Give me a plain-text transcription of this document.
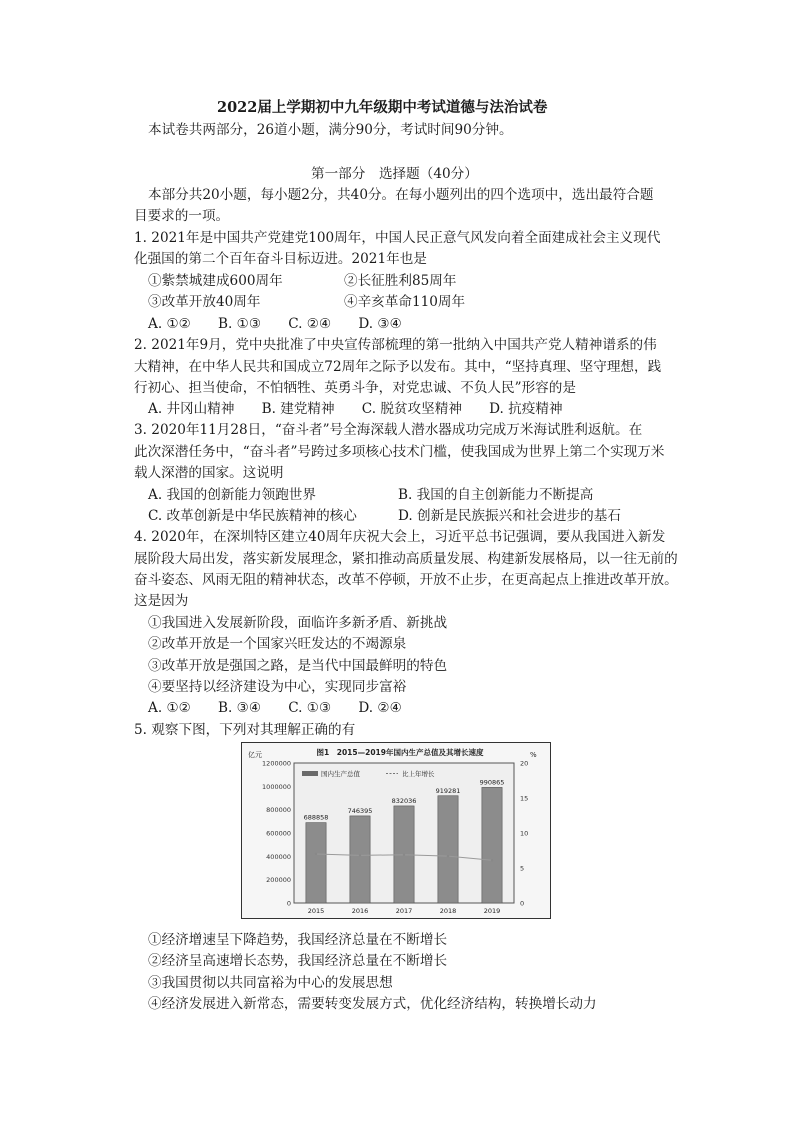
2022届上学期初中九年级期中考试道德与法治试卷
本试卷共两部分，26道小题，满分90分，考试时间90分钟。
第一部分　选择题（40分）
本部分共20小题，每小题2分，共40分。在每小题列出的四个选项中，选出最符合题
目要求的一项。
1. 2021年是中国共产党建党100周年，中国人民正意气风发向着全面建成社会主义现代
化强国的第二个百年奋斗目标迈进。2021年也是
①紫禁城建成600周年	②长征胜利85周年
③改革开放40周年	④辛亥革命110周年
A. ①②　　B. ①③　　C. ②④　　D. ③④
2. 2021年9月，党中央批准了中央宣传部梳理的第一批纳入中国共产党人精神谱系的伟
大精神，在中华人民共和国成立72周年之际予以发布。其中，“坚持真理、坚守理想，践
行初心、担当使命，不怕牺牲、英勇斗争，对党忠诚、不负人民”形容的是
A. 井冈山精神　　B. 建党精神　　C. 脱贫攻坚精神　　D. 抗疫精神
3. 2020年11月28日，“奋斗者”号全海深载人潜水器成功完成万米海试胜利返航。在
此次深潜任务中，“奋斗者”号跨过多项核心技术门槛，使我国成为世界上第二个实现万米
载人深潜的国家。这说明
A. 我国的创新能力领跑世界	B. 我国的自主创新能力不断提高
C. 改革创新是中华民族精神的核心	D. 创新是民族振兴和社会进步的基石
4. 2020年，在深圳特区建立40周年庆祝大会上，习近平总书记强调，要从我国进入新发
展阶段大局出发，落实新发展理念，紧扣推动高质量发展、构建新发展格局，以一往无前的
奋斗姿态、风雨无阻的精神状态，改革不停顿，开放不止步，在更高起点上推进改革开放。
这是因为
①我国进入发展新阶段，面临许多新矛盾、新挑战
②改革开放是一个国家兴旺发达的不竭源泉
③改革开放是强国之路，是当代中国最鲜明的特色
④要坚持以经济建设为中心，实现同步富裕
A. ①②　　B. ③④　　C. ①③　　D. ②④
5. 观察下图，下列对其理解正确的有
图1　2015—2019年国内生产总值及其增长速度
亿元	%
0
200000
400000
600000
800000
1000000
1200000
0
5
10
15
20
国内生产总值	比上年增长
688858
2015
746395
2016
832036
2017
919281
2018
990865
2019
①经济增速呈下降趋势，我国经济总量在不断增长
②经济呈高速增长态势，我国经济总量在不断增长
③我国贯彻以共同富裕为中心的发展思想
④经济发展进入新常态，需要转变发展方式，优化经济结构，转换增长动力
